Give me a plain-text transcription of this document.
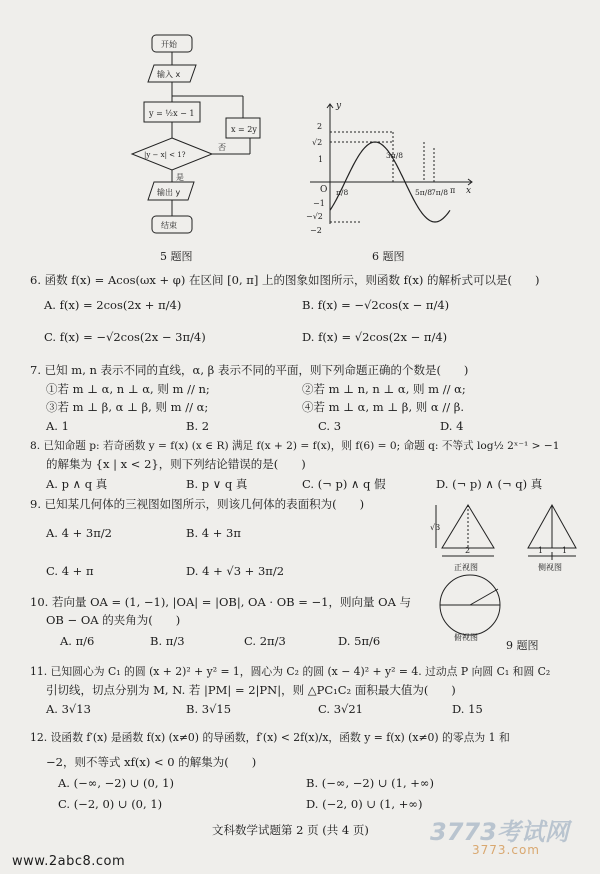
开始
输入 x
y = ½x − 1
x = 2y
|y − x| < 1?
否
是
输出 y
结束
5 题图
y
x
O
2
√2
1
−1
−√2
−2
π/8
3π/8
5π/8 7π/8 π
6 题图
6. 函数 f(x) = Acos(ωx + φ) 在区间 [0, π] 上的图象如图所示，则函数 f(x) 的解析式可以是(　　)
A. f(x) = 2cos(2x + π/4)	B. f(x) = −√2cos(x − π/4)
C. f(x) = −√2cos(2x − 3π/4)	D. f(x) = √2cos(2x − π/4)
7. 已知 m, n 表示不同的直线，α, β 表示不同的平面，则下列命题正确的个数是(　　)
①若 m ⊥ α, n ⊥ α, 则 m // n;	②若 m ⊥ n, n ⊥ α, 则 m // α;
③若 m ⊥ β, α ⊥ β, 则 m // α;	④若 m ⊥ α, m ⊥ β, 则 α // β.
A. 1	B. 2	C. 3	D. 4
8. 已知命题 p: 若奇函数 y = f(x) (x ∈ R) 满足 f(x + 2) = f(x)，则 f(6) = 0; 命题 q: 不等式 log½ 2ˣ⁻¹ > −1
的解集为 {x | x < 2}，则下列结论错误的是(　　)
A. p ∧ q 真	B. p ∨ q 真	C. (¬ p) ∧ q 假	D. (¬ p) ∧ (¬ q) 真
9. 已知某几何体的三视图如图所示，则该几何体的表面积为(　　)
A. 4 + 3π/2	B. 4 + 3π
C. 4 + π	D. 4 + √3 + 3π/2
√3
2	1 1
正视图	侧视图
俯视图
9 题图
10. 若向量 OA = (1, −1), |OA| = |OB|, OA · OB = −1，则向量 OA 与
OB − OA 的夹角为(　　)
A. π/6	B. π/3	C. 2π/3	D. 5π/6
11. 已知圆心为 C₁ 的圆 (x + 2)² + y² = 1，圆心为 C₂ 的圆 (x − 4)² + y² = 4. 过动点 P 向圆 C₁ 和圆 C₂
引切线，切点分别为 M, N. 若 |PM| = 2|PN|，则 △PC₁C₂ 面积最大值为(　　)
A. 3√13	B. 3√15	C. 3√21	D. 15
12. 设函数 f′(x) 是函数 f(x) (x≠0) 的导函数，f′(x) < 2f(x)/x，函数 y = f(x) (x≠0) 的零点为 1 和
−2，则不等式 xf(x) < 0 的解集为(　　)
A. (−∞, −2) ∪ (0, 1)	B. (−∞, −2) ∪ (1, +∞)
C. (−2, 0) ∪ (0, 1)	D. (−2, 0) ∪ (1, +∞)
文科数学试题第 2 页 (共 4 页)
www.2abc8.com
3773考试网
3773.com
